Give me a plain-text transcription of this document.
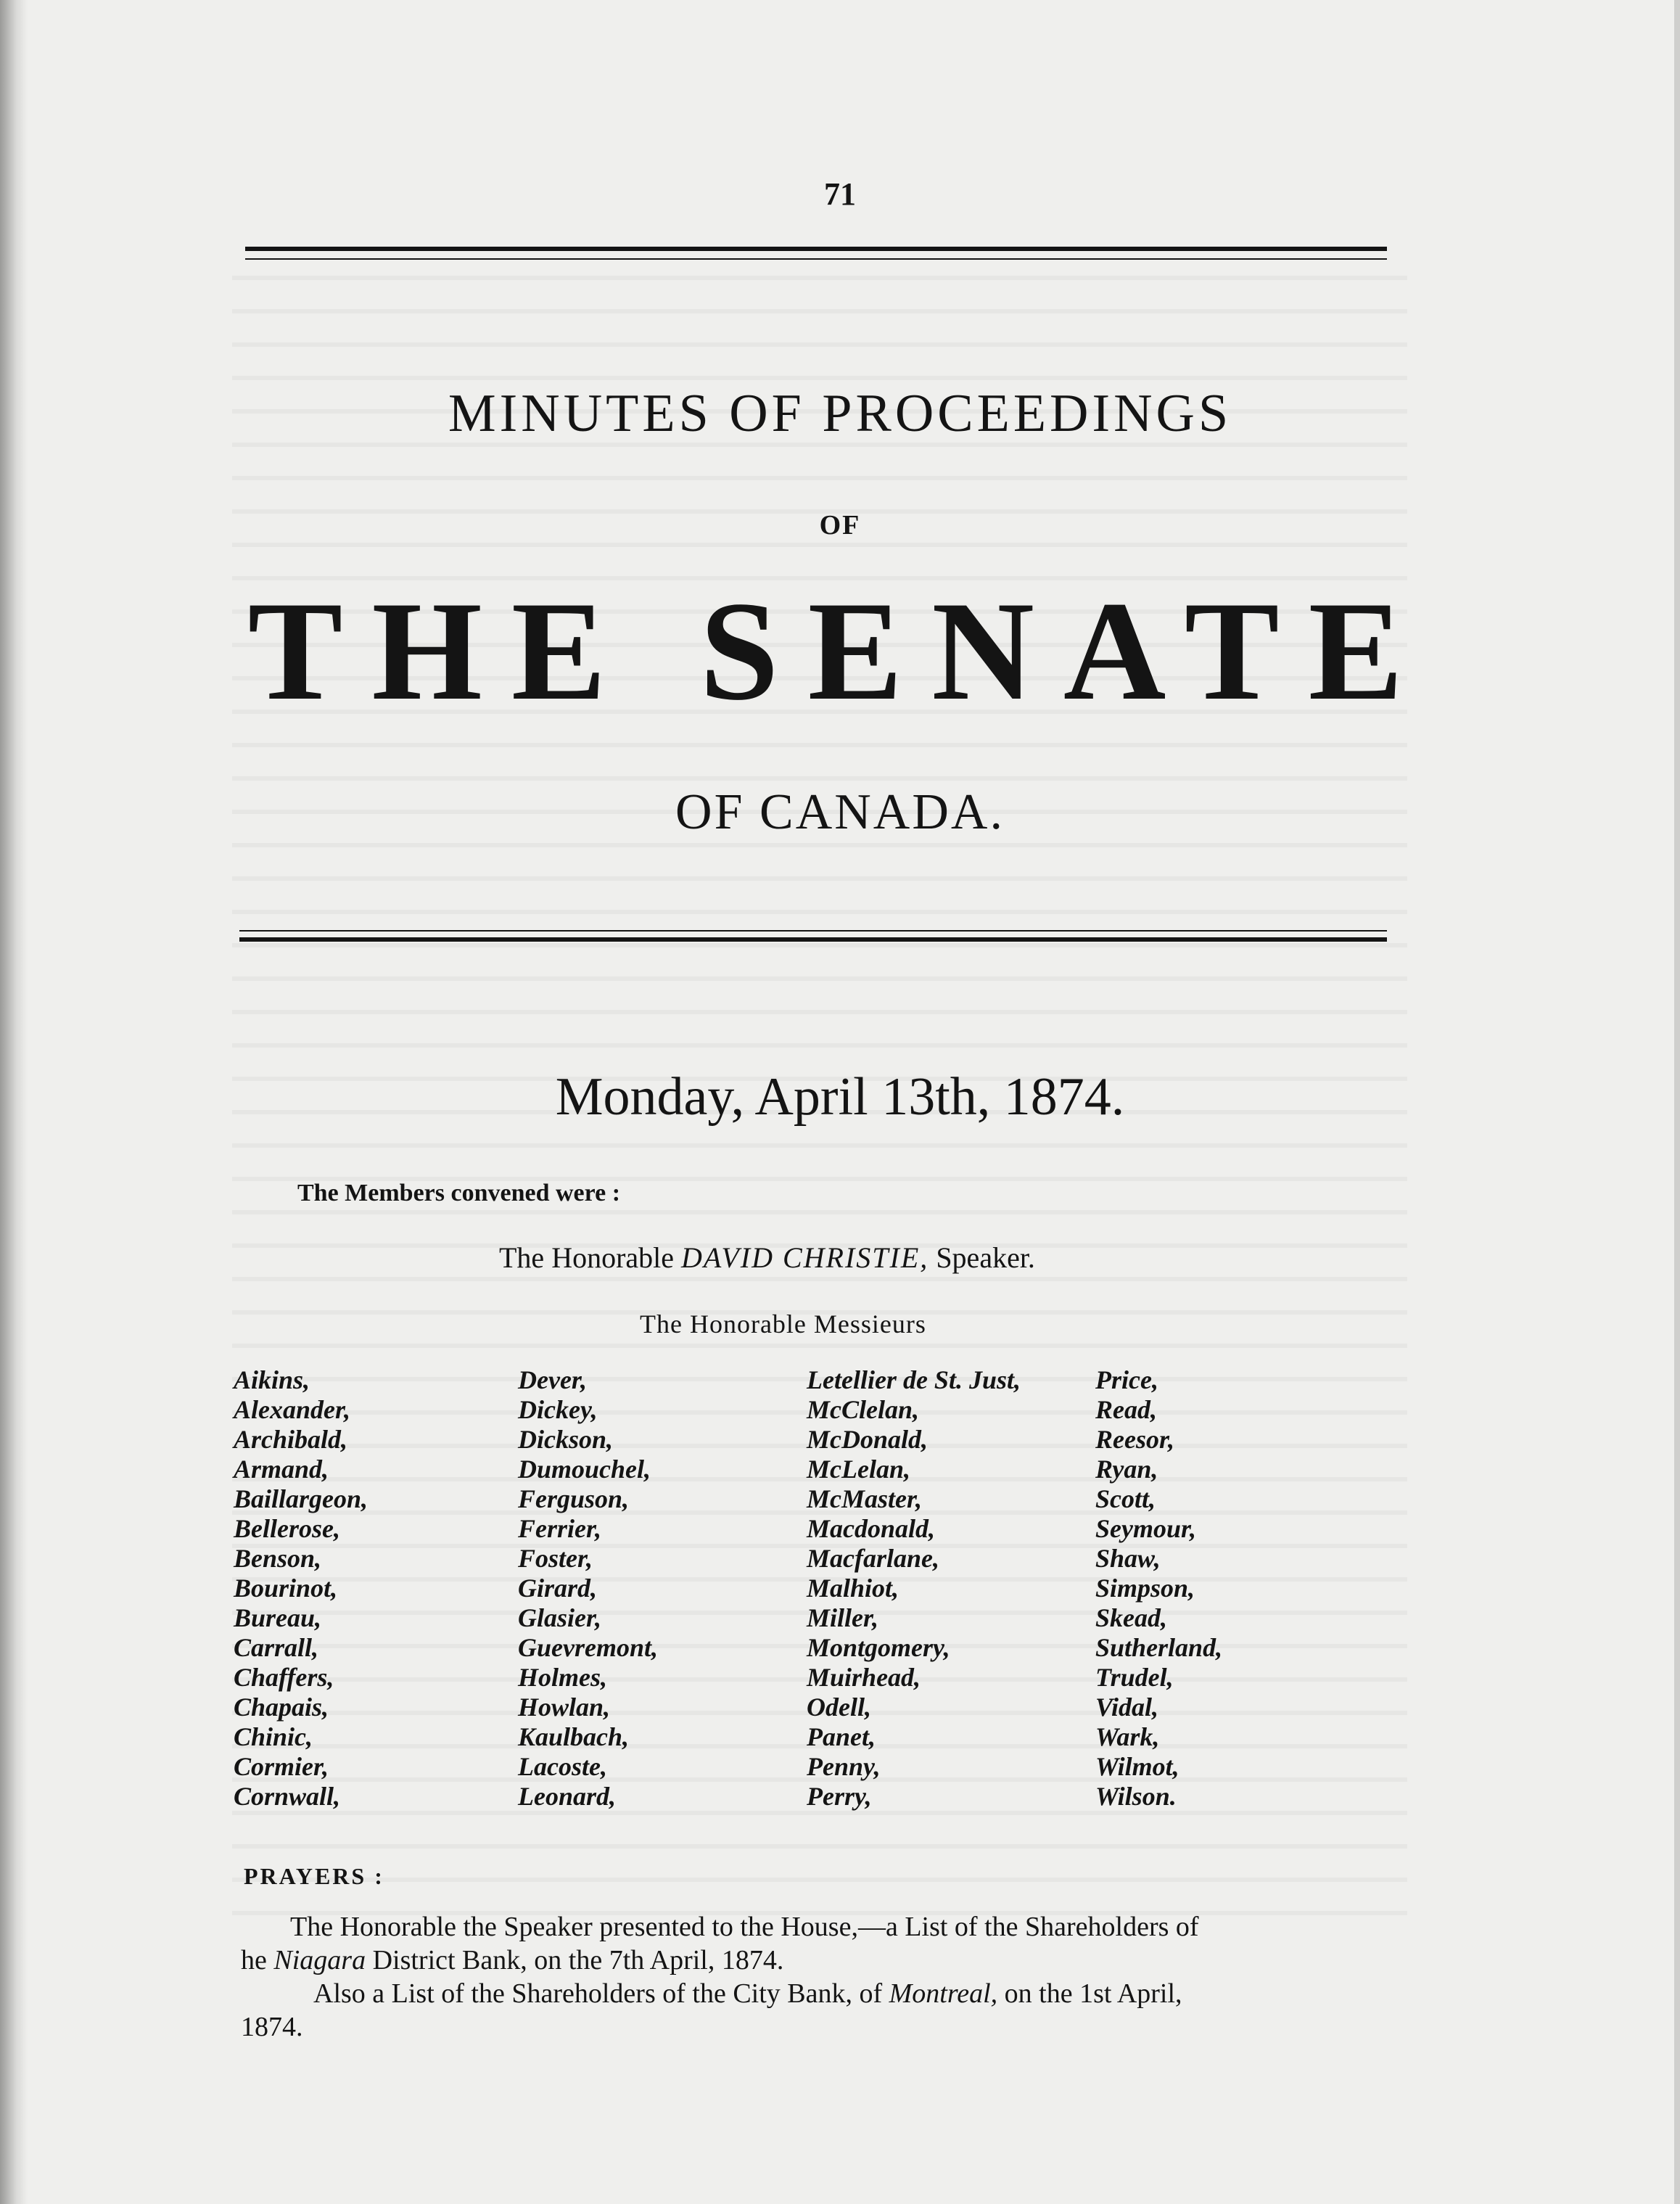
71
MINUTES OF PROCEEDINGS
OF
THE SENATE
OF CANADA.
Monday, April 13th, 1874.
The Members convened were :
The Honorable DAVID CHRISTIE, Speaker.
The Honorable Messieurs
Aikins,
Alexander,
Archibald,
Armand,
Baillargeon,
Bellerose,
Benson,
Bourinot,
Bureau,
Carrall,
Chaffers,
Chapais,
Chinic,
Cormier,
Cornwall,
Dever,
Dickey,
Dickson,
Dumouchel,
Ferguson,
Ferrier,
Foster,
Girard,
Glasier,
Guevremont,
Holmes,
Howlan,
Kaulbach,
Lacoste,
Leonard,
Letellier de St. Just,
McClelan,
McDonald,
McLelan,
McMaster,
Macdonald,
Macfarlane,
Malhiot,
Miller,
Montgomery,
Muirhead,
Odell,
Panet,
Penny,
Perry,
Price,
Read,
Reesor,
Ryan,
Scott,
Seymour,
Shaw,
Simpson,
Skead,
Sutherland,
Trudel,
Vidal,
Wark,
Wilmot,
Wilson.
PRAYERS :
The Honorable the Speaker presented to the House,—a List of the Shareholders of
he Niagara District Bank, on the 7th April, 1874.
Also a List of the Shareholders of the City Bank, of Montreal, on the 1st April,
1874.
